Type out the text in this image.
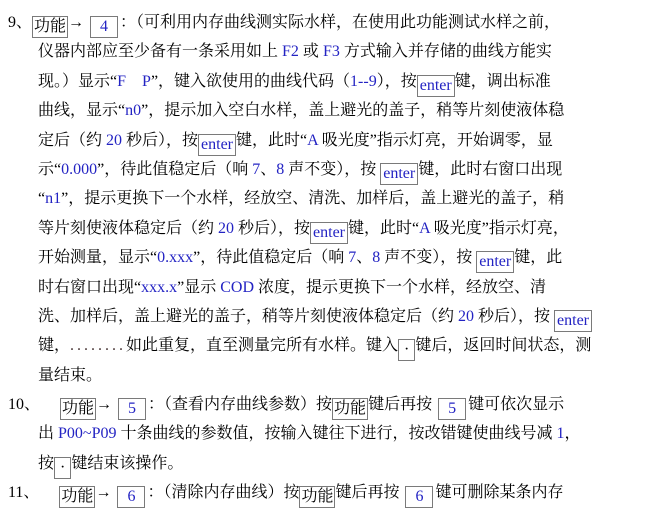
9、 功能 → 4 ：（可利用内存曲线测实际水样，在使用此功能测试水样之前，
仪器内部应至少备有一条采用如上 F2 或 F3 方式输入并存储的曲线方能实
现。）显示“F　 P”，键入欲使用的曲线代码（1--9），按 enter 键，调出标准
曲线，显示“n0”，提示加入空白水样，盖上避光的盖子，稍等片刻使液体稳
定后（约 20 秒后），按 enter 键，此时“A 吸光度”指示灯亮，开始调零，显
示“0.000”，待此值稳定后（响 7、8 声不变），按 enter 键，此时右窗口出现
“n1”，提示更换下一个水样，经放空、清洗、加样后，盖上避光的盖子，稍
等片刻使液体稳定后（约 20 秒后），按 enter 键，此时“A 吸光度”指示灯亮，
开始测量，显示“0.xxx”，待此值稳定后（响 7、8 声不变），按 enter 键，此
时右窗口出现“xxx.x”显示 COD 浓度，提示更换下一个水样，经放空、清
洗、加样后，盖上避光的盖子，稍等片刻使液体稳定后（约 20 秒后），按 enter
键，........如此重复，直至测量完所有水样。键入 · 键后，返回时间状态，测
量结束。
10、 功能 → 5 ：（查看内存曲线参数）按 功能 键后再按 5 键可依次显示
出 P00~P09 十条曲线的参数值，按输入键往下进行，按改错键使曲线号减 1，
按 · 键结束该操作。
11、 功能 → 6 ：（清除内存曲线）按 功能 键后再按 6 键可删除某条内存
